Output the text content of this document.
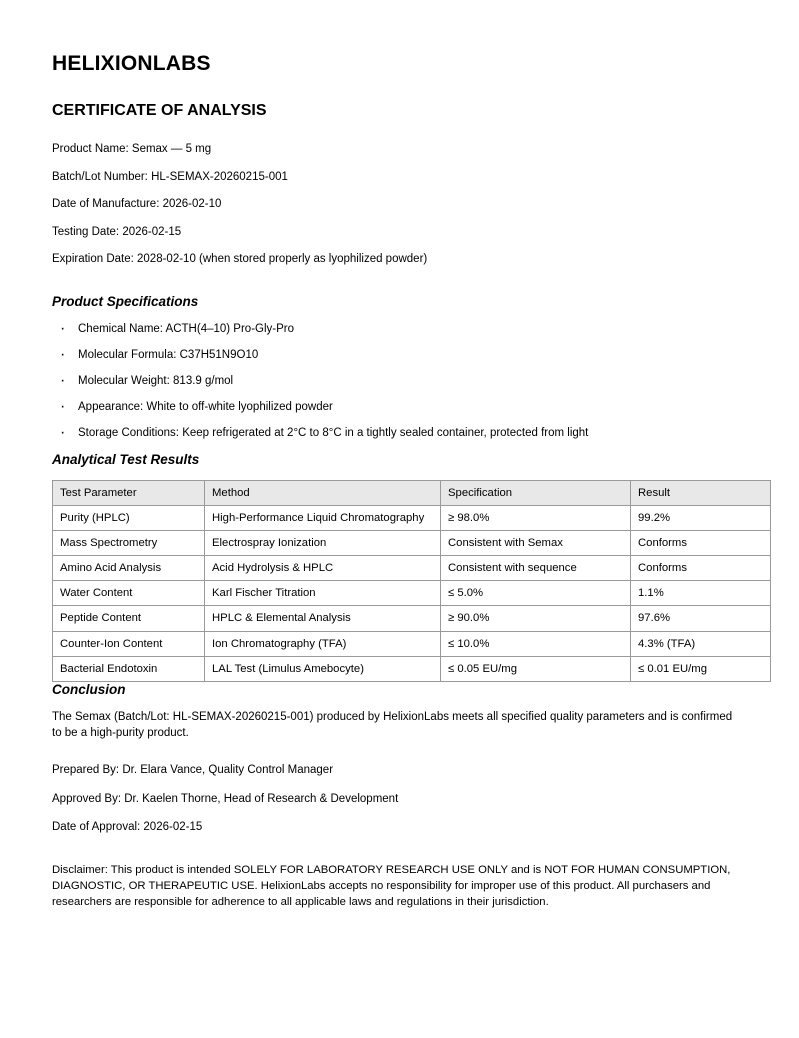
HELIXIONLABS
CERTIFICATE OF ANALYSIS
Product Name: Semax — 5 mg
Batch/Lot Number: HL-SEMAX-20260215-001
Date of Manufacture: 2026-02-10
Testing Date: 2026-02-15
Expiration Date: 2028-02-10 (when stored properly as lyophilized powder)
Product Specifications
· Chemical Name: ACTH(4–10) Pro-Gly-Pro
· Molecular Formula: C37H51N9O10
· Molecular Weight: 813.9 g/mol
· Appearance: White to off-white lyophilized powder
· Storage Conditions: Keep refrigerated at 2°C to 8°C in a tightly sealed container, protected from light
Analytical Test Results
Test Parameter	Method	Specification	Result
Purity (HPLC)	High-Performance Liquid Chromatography	≥ 98.0%	99.2%
Mass Spectrometry	Electrospray Ionization	Consistent with Semax	Conforms
Amino Acid Analysis	Acid Hydrolysis & HPLC	Consistent with sequence	Conforms
Water Content	Karl Fischer Titration	≤ 5.0%	1.1%
Peptide Content	HPLC & Elemental Analysis	≥ 90.0%	97.6%
Counter-Ion Content	Ion Chromatography (TFA)	≤ 10.0%	4.3% (TFA)
Bacterial Endotoxin	LAL Test (Limulus Amebocyte)	≤ 0.05 EU/mg	≤ 0.01 EU/mg
Conclusion

The Semax (Batch/Lot: HL-SEMAX-20260215-001) produced by HelixionLabs meets all specified quality parameters and is confirmed to be a high-purity product.

Prepared By: Dr. Elara Vance, Quality Control Manager
Approved By: Dr. Kaelen Thorne, Head of Research & Development
Date of Approval: 2026-02-15

Disclaimer: This product is intended SOLELY FOR LABORATORY RESEARCH USE ONLY and is NOT FOR HUMAN CONSUMPTION, DIAGNOSTIC, OR THERAPEUTIC USE. HelixionLabs accepts no responsibility for improper use of this product. All purchasers and researchers are responsible for adherence to all applicable laws and regulations in their jurisdiction.
